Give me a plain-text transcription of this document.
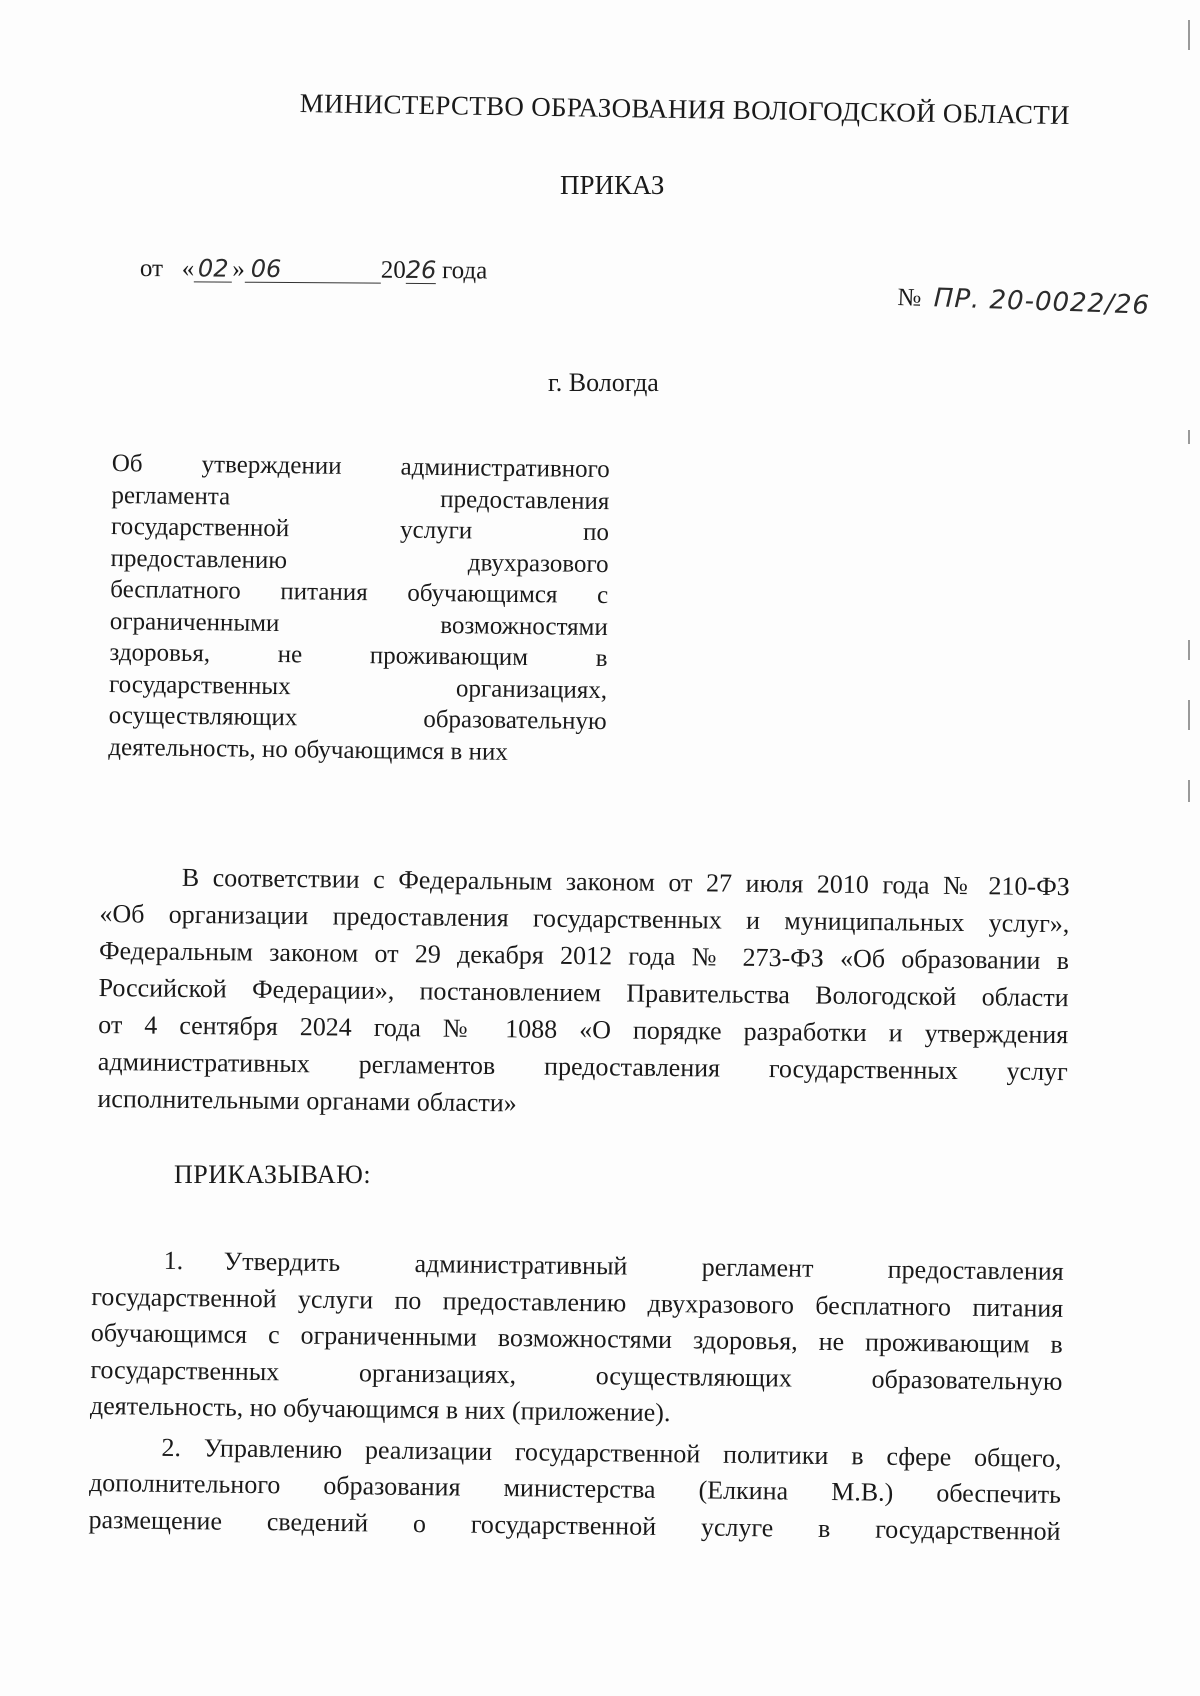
МИНИСТЕРСТВО ОБРАЗОВАНИЯ ВОЛОГОДСКОЙ ОБЛАСТИ
ПРИКАЗ
от « 02 » 06	2026 года
№ ПР. 20-0022/26
г. Вологда
Об утверждении административного
регламента предоставления
государственной услуги по
предоставлению двухразового
бесплатного питания обучающимся с
ограниченными возможностями
здоровья, не проживающим в
государственных организациях,
осуществляющих образовательную
деятельность, но обучающимся в них
В соответствии с Федеральным законом от 27 июля 2010 года № 210-ФЗ
«Об организации предоставления государственных и муниципальных услуг»,
Федеральным законом от 29 декабря 2012 года № 273-ФЗ «Об образовании в
Российской Федерации», постановлением Правительства Вологодской области
от 4 сентября 2024 года № 1088 «О порядке разработки и утверждения
административных регламентов предоставления государственных услуг
исполнительными органами области»
ПРИКАЗЫВАЮ:
1. Утвердить административный регламент предоставления
государственной услуги по предоставлению двухразового бесплатного питания
обучающимся с ограниченными возможностями здоровья, не проживающим в
государственных организациях, осуществляющих образовательную
деятельность, но обучающимся в них (приложение).
2. Управлению реализации государственной политики в сфере общего,
дополнительного образования министерства (Елкина М.В.) обеспечить
размещение сведений о государственной услуге в государственной
